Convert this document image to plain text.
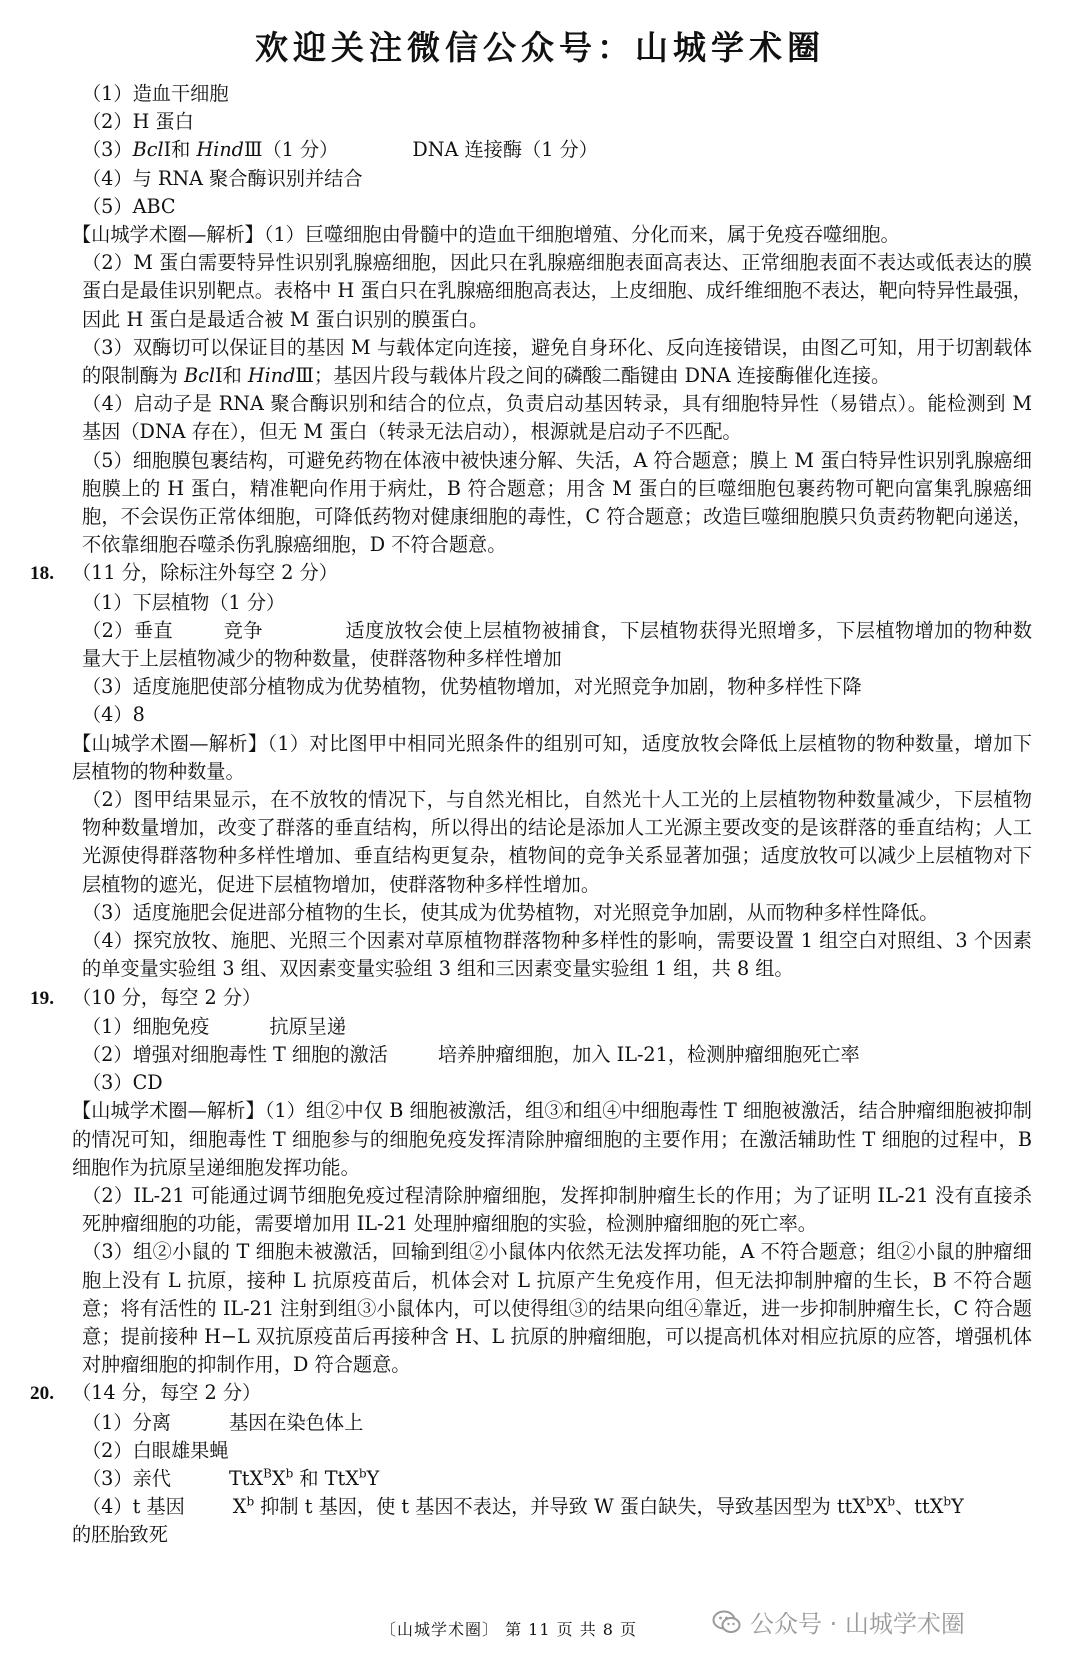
欢迎关注微信公众号：山城学术圈
（1）造血干细胞
（2）H 蛋白
（3）BclⅠ和 HindⅢ（1 分）	DNA 连接酶（1 分）
（4）与 RNA 聚合酶识别并结合
（5）ABC
【山城学术圈—解析】（1）巨噬细胞由骨髓中的造血干细胞增殖、分化而来，属于免疫吞噬细胞。
（2）M 蛋白需要特异性识别乳腺癌细胞，因此只在乳腺癌细胞表面高表达、正常细胞表面不表达或低表达的膜蛋白是最佳识别靶点。表格中 H 蛋白只在乳腺癌细胞高表达，上皮细胞、成纤维细胞不表达，靶向特异性最强，因此 H 蛋白是最适合被 M 蛋白识别的膜蛋白。
（3）双酶切可以保证目的基因 M 与载体定向连接，避免自身环化、反向连接错误，由图乙可知，用于切割载体的限制酶为 BclⅠ和 HindⅢ；基因片段与载体片段之间的磷酸二酯键由 DNA 连接酶催化连接。
（4）启动子是 RNA 聚合酶识别和结合的位点，负责启动基因转录，具有细胞特异性（易错点）。能检测到 M 基因（DNA 存在），但无 M 蛋白（转录无法启动），根源就是启动子不匹配。
（5）细胞膜包裹结构，可避免药物在体液中被快速分解、失活，A 符合题意；膜上 M 蛋白特异性识别乳腺癌细胞膜上的 H 蛋白，精准靶向作用于病灶，B 符合题意；用含 M 蛋白的巨噬细胞包裹药物可靶向富集乳腺癌细胞，不会误伤正常体细胞，可降低药物对健康细胞的毒性，C 符合题意；改造巨噬细胞膜只负责药物靶向递送，不依靠细胞吞噬杀伤乳腺癌细胞，D 不符合题意。
18. （11 分，除标注外每空 2 分）
（1）下层植物（1 分）
（2）垂直	竞争	适度放牧会使上层植物被捕食，下层植物获得光照增多，下层植物增加的物种数量大于上层植物减少的物种数量，使群落物种多样性增加
（3）适度施肥使部分植物成为优势植物，优势植物增加，对光照竞争加剧，物种多样性下降
（4）8
【山城学术圈—解析】（1）对比图甲中相同光照条件的组别可知，适度放牧会降低上层植物的物种数量，增加下层植物的物种数量。
（2）图甲结果显示，在不放牧的情况下，与自然光相比，自然光十人工光的上层植物物种数量减少，下层植物物种数量增加，改变了群落的垂直结构，所以得出的结论是添加人工光源主要改变的是该群落的垂直结构；人工光源使得群落物种多样性增加、垂直结构更复杂，植物间的竞争关系显著加强；适度放牧可以减少上层植物对下层植物的遮光，促进下层植物增加，使群落物种多样性增加。
（3）适度施肥会促进部分植物的生长，使其成为优势植物，对光照竞争加剧，从而物种多样性降低。
（4）探究放牧、施肥、光照三个因素对草原植物群落物种多样性的影响，需要设置 1 组空白对照组、3 个因素的单变量实验组 3 组、双因素变量实验组 3 组和三因素变量实验组 1 组，共 8 组。
19. （10 分，每空 2 分）
（1）细胞免疫	抗原呈递
（2）增强对细胞毒性 T 细胞的激活	培养肿瘤细胞，加入 IL-21，检测肿瘤细胞死亡率
（3）CD
【山城学术圈—解析】（1）组②中仅 B 细胞被激活，组③和组④中细胞毒性 T 细胞被激活，结合肿瘤细胞被抑制的情况可知，细胞毒性 T 细胞参与的细胞免疫发挥清除肿瘤细胞的主要作用；在激活辅助性 T 细胞的过程中，B 细胞作为抗原呈递细胞发挥功能。
（2）IL-21 可能通过调节细胞免疫过程清除肿瘤细胞，发挥抑制肿瘤生长的作用；为了证明 IL-21 没有直接杀死肿瘤细胞的功能，需要增加用 IL-21 处理肿瘤细胞的实验，检测肿瘤细胞的死亡率。
（3）组②小鼠的 T 细胞未被激活，回输到组②小鼠体内依然无法发挥功能，A 不符合题意；组②小鼠的肿瘤细胞上没有 L 抗原，接种 L 抗原疫苗后，机体会对 L 抗原产生免疫作用，但无法抑制肿瘤的生长，B 不符合题意；将有活性的 IL-21 注射到组③小鼠体内，可以使得组③的结果向组④靠近，进一步抑制肿瘤生长，C 符合题意；提前接种 H−L 双抗原疫苗后再接种含 H、L 抗原的肿瘤细胞，可以提高机体对相应抗原的应答，增强机体对肿瘤细胞的抑制作用，D 符合题意。
20. （14 分，每空 2 分）
（1）分离	基因在染色体上
（2）白眼雄果蝇
（3）亲代	$TtX^BX^b$ 和 TtX$^b$Y
（4）t 基因	$X^b$ 抑制 t 基因，使 t 基因不表达，并导致 W 蛋白缺失，导致基因型为 $ttX^bX^b$、ttX$^b$Y
的胚胎致死
〔山城学术圈〕 第 11 页 共 8 页	公众号 · 山城学术圈
